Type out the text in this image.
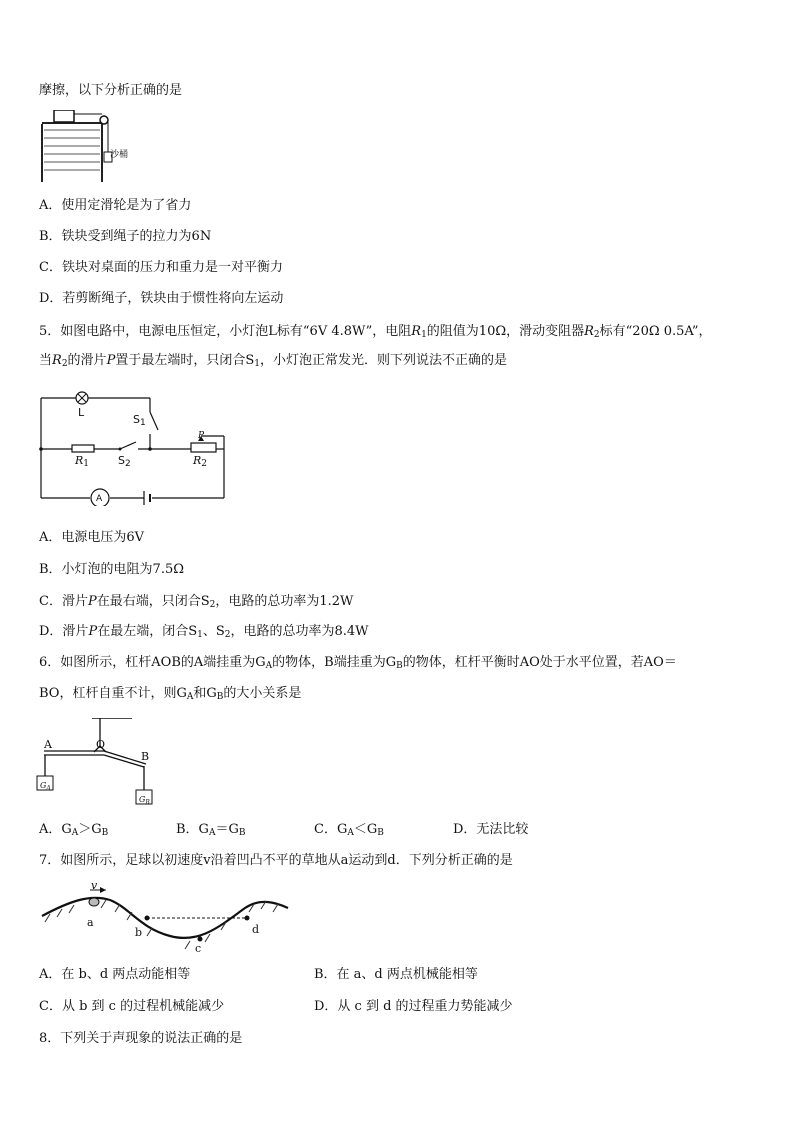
摩擦，以下分析正确的是
沙桶
A．使用定滑轮是为了省力
B．铁块受到绳子的拉力为6N
C．铁块对桌面的压力和重力是一对平衡力
D．若剪断绳子，铁块由于惯性将向左运动
5．如图电路中，电源电压恒定，小灯泡L标有“6V 4.8W”，电阻$R_1$的阻值为10Ω，滑动变阻器$R_2$标有“20Ω 0.5A”，
当$R_2$的滑片P置于最左端时，只闭合$S_1$，小灯泡正常发光．则下列说法不正确的是
L
$S_1$
$R_1$	$S_2$
P
$R_2$
A
A．电源电压为6V
B．小灯泡的电阻为7.5Ω
C．滑片P在最右端，只闭合$S_2$，电路的总功率为1.2W
D．滑片P在最左端，闭合$S_1$、$S_2$，电路的总功率为8.4W
6．如图所示，杠杆AOB的A端挂重为$G_A$的物体，B端挂重为$G_B$的物体，杠杆平衡时AO处于水平位置，若AO＝
BO，杠杆自重不计，则$G_A$和$G_B$的大小关系是
A	O
B
$G_A$
$G_B$
A．$G_A>G_B$	B．$G_A=G_B$	C．$G_A<G_B$	D．无法比较
7．如图所示，足球以初速度v沿着凹凸不平的草地从a运动到d．下列分析正确的是
v
a
b
c
d
A．在 b、d 两点动能相等	B．在 a、d 两点机械能相等
C．从 b 到 c 的过程机械能减少	D．从 c 到 d 的过程重力势能减少
8．下列关于声现象的说法正确的是
